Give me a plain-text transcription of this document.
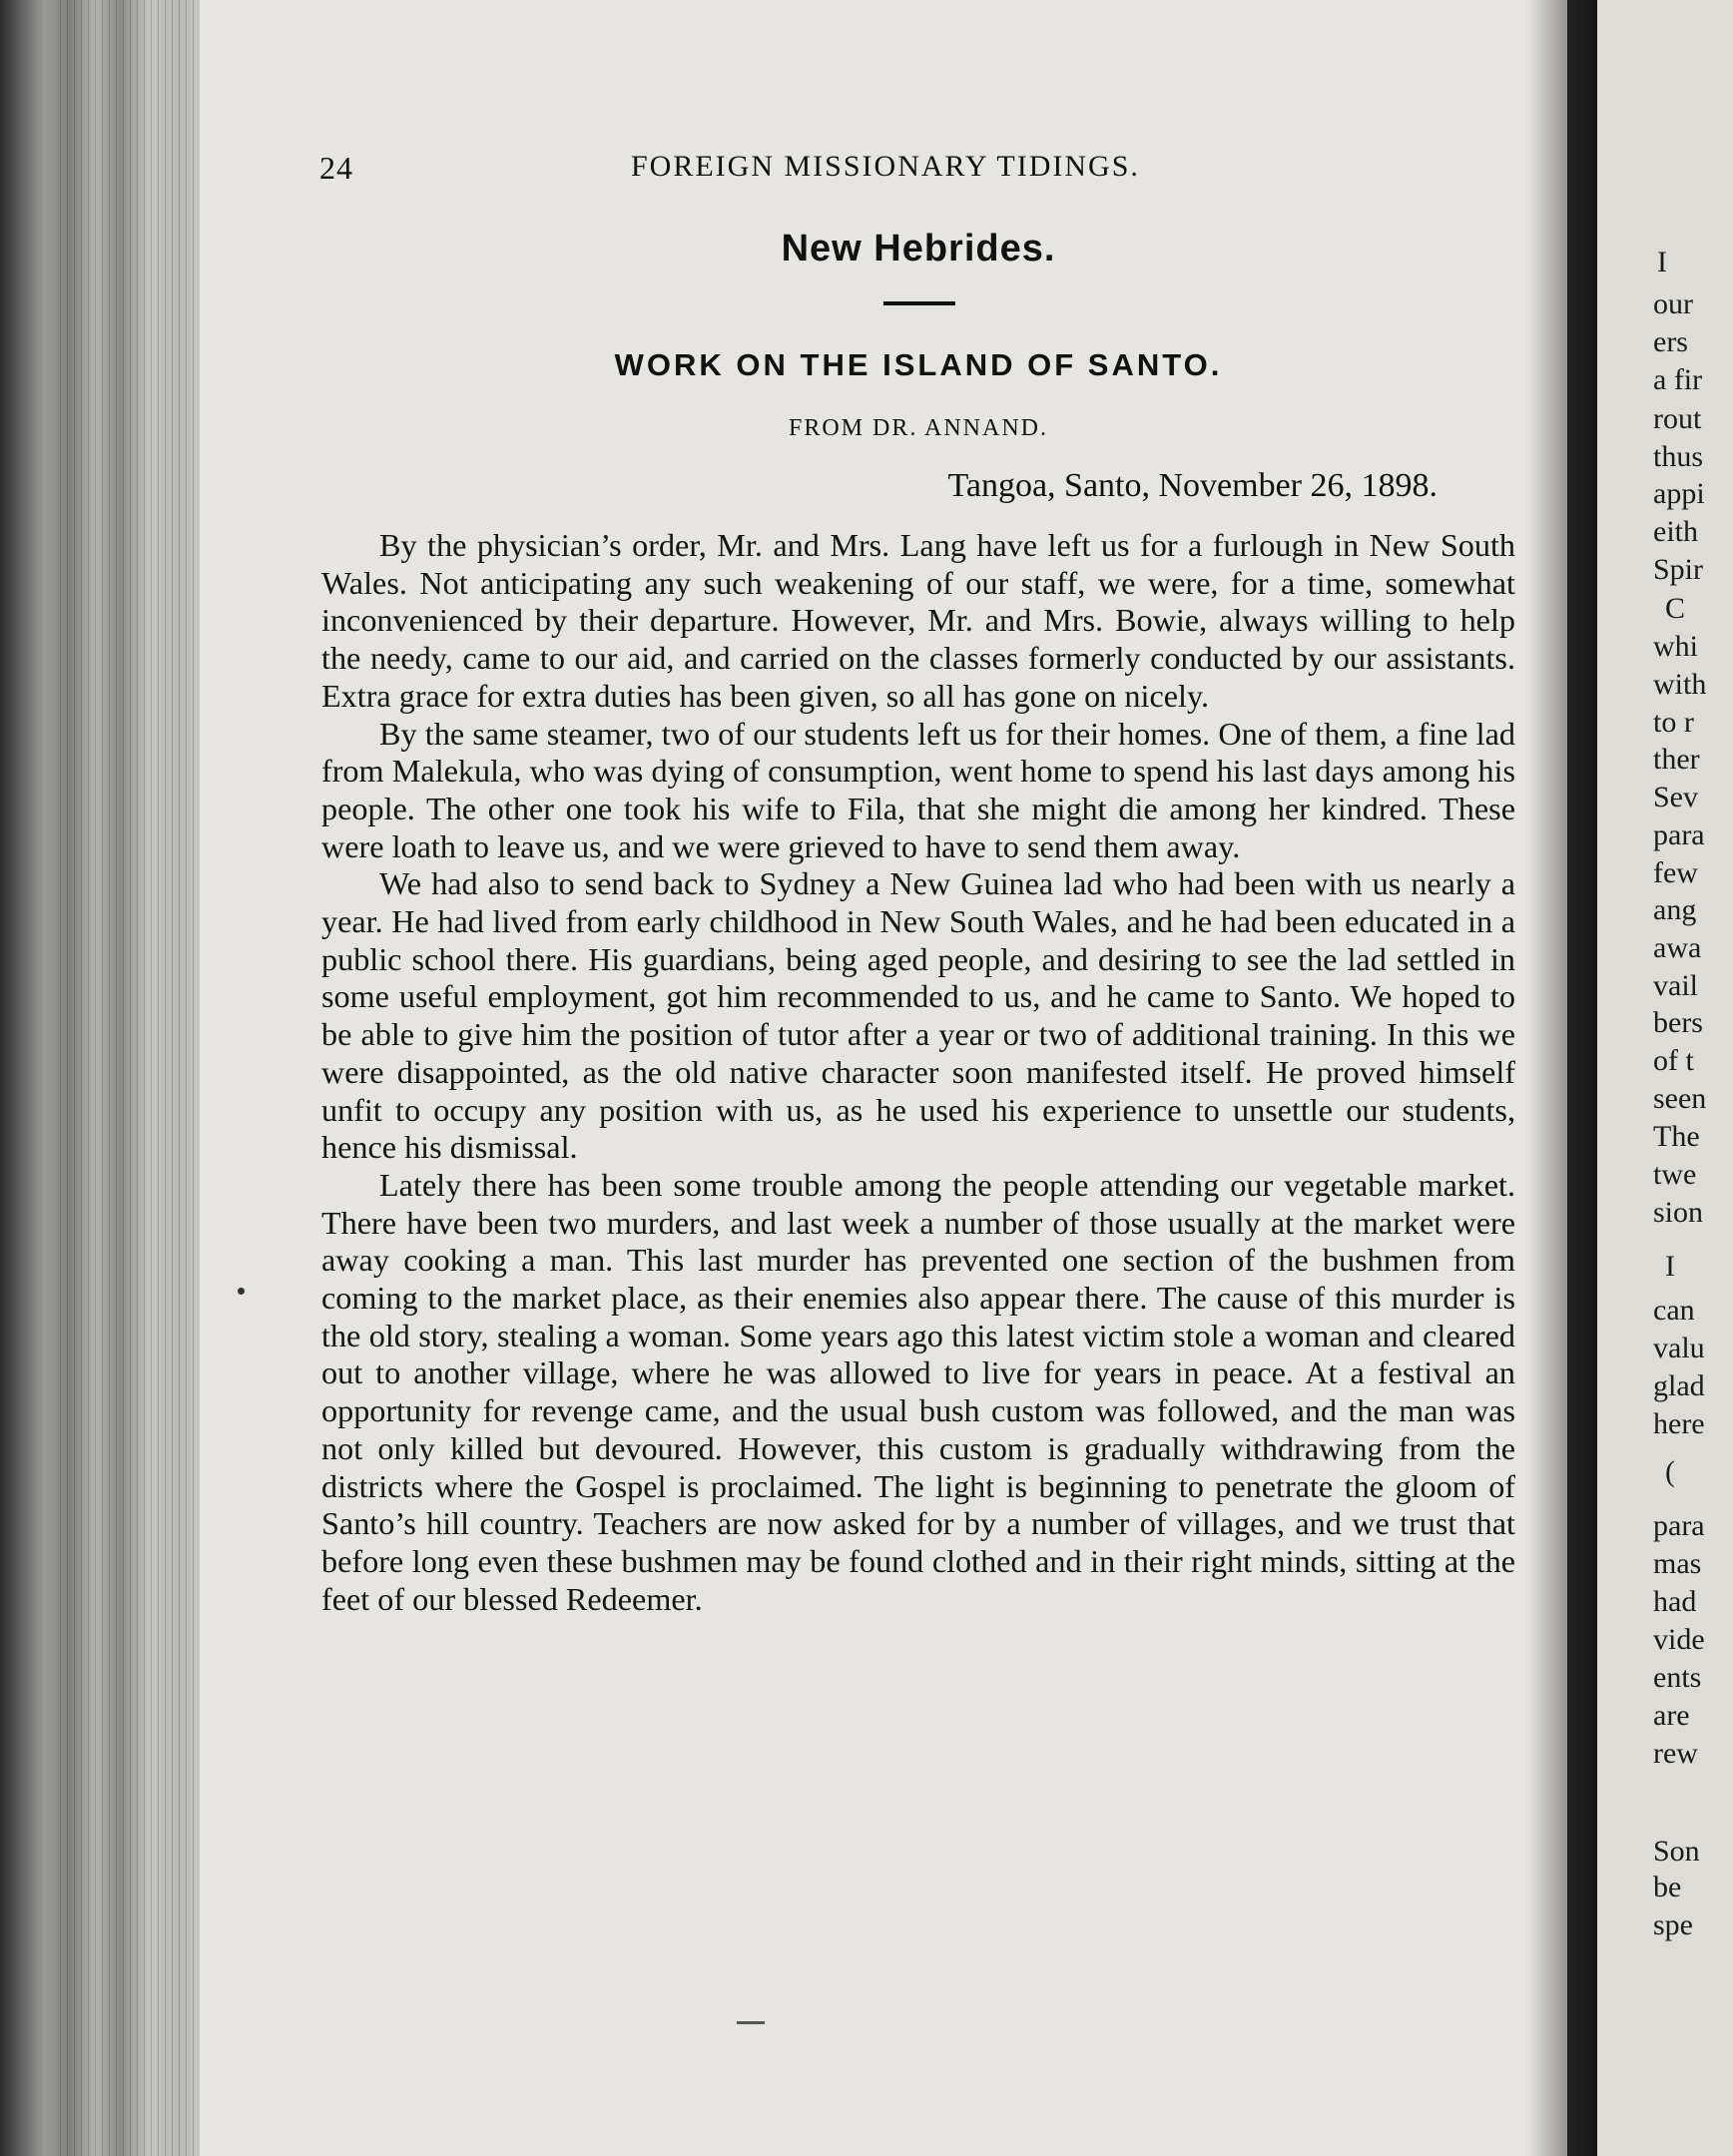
I
our
ers
a fir
rout
thus
appi
eith
Spir
C
whi
with
to r
ther
Sev
para
few
ang
awa
vail
bers
of t
seen
The
twe
sion
I
can
valu
glad
here
(
para
mas
had
vide
ents
are
rew
Son
be
spe
24	FOREIGN MISSIONARY TIDINGS.
New Hebrides.
WORK ON THE ISLAND OF SANTO.
FROM DR. ANNAND.
Tangoa, Santo, November 26, 1898.

By the physician’s order, Mr. and Mrs. Lang have left us for a furlough in New South Wales. Not anticipating any such weakening of our staff, we were, for a time, somewhat inconvenienced by their departure. However, Mr. and Mrs. Bowie, always willing to help the needy, came to our aid, and carried on the classes formerly conducted by our assistants. Extra grace for extra duties has been given, so all has gone on nicely.

By the same steamer, two of our students left us for their homes. One of them, a fine lad from Malekula, who was dying of consumption, went home to spend his last days among his people. The other one took his wife to Fila, that she might die among her kindred. These were loath to leave us, and we were grieved to have to send them away.

We had also to send back to Sydney a New Guinea lad who had been with us nearly a year. He had lived from early childhood in New South Wales, and he had been educated in a public school there. His guardians, being aged people, and desiring to see the lad settled in some useful employment, got him recommended to us, and he came to Santo. We hoped to be able to give him the position of tutor after a year or two of additional training. In this we were disappointed, as the old native character soon manifested itself. He proved himself unfit to occupy any position with us, as he used his experience to unsettle our students, hence his dismissal.

Lately there has been some trouble among the people attending our vegetable market. There have been two murders, and last week a number of those usually at the market were away cooking a man. This last murder has prevented one section of the bushmen from coming to the market place, as their enemies also appear there. The cause of this murder is the old story, stealing a woman. Some years ago this latest victim stole a woman and cleared out to another village, where he was allowed to live for years in peace. At a festival an opportunity for revenge came, and the usual bush custom was followed, and the man was not only killed but devoured. However, this custom is gradually withdrawing from the districts where the Gospel is proclaimed. The light is beginning to penetrate the gloom of Santo’s hill country. Teachers are now asked for by a number of villages, and we trust that before long even these bushmen may be found clothed and in their right minds, sitting at the feet of our blessed Redeemer.
